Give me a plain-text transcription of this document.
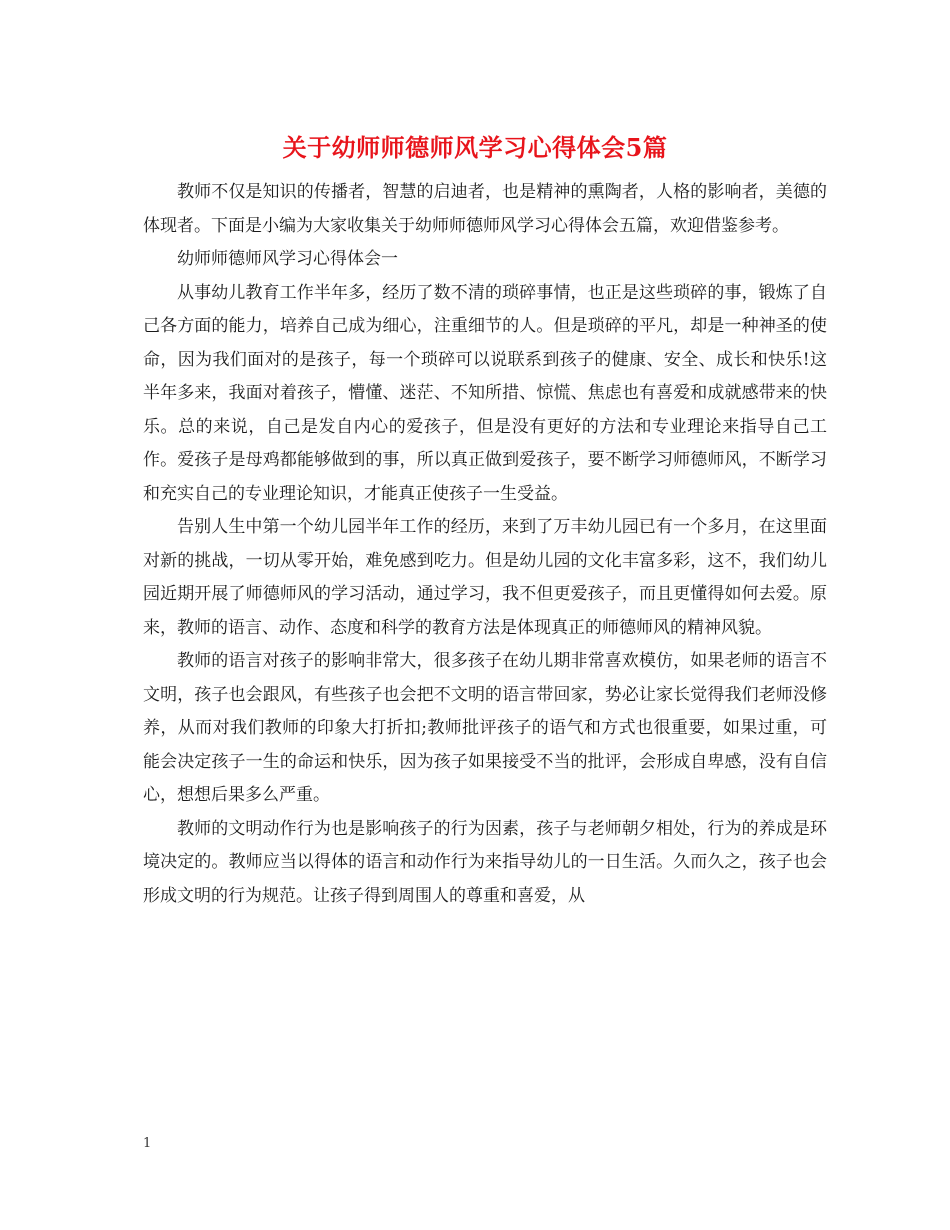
关于幼师师德师风学习心得体会5篇

教师不仅是知识的传播者，智慧的启迪者，也是精神的熏陶者，人格的影响者，美德的体现者。下面是小编为大家收集关于幼师师德师风学习心得体会五篇，欢迎借鉴参考。

幼师师德师风学习心得体会一

从事幼儿教育工作半年多，经历了数不清的琐碎事情，也正是这些琐碎的事，锻炼了自己各方面的能力，培养自己成为细心，注重细节的人。但是琐碎的平凡，却是一种神圣的使命，因为我们面对的是孩子，每一个琐碎可以说联系到孩子的健康、安全、成长和快乐!这半年多来，我面对着孩子，懵懂、迷茫、不知所措、惊慌、焦虑也有喜爱和成就感带来的快乐。总的来说，自己是发自内心的爱孩子，但是没有更好的方法和专业理论来指导自己工作。爱孩子是母鸡都能够做到的事，所以真正做到爱孩子，要不断学习师德师风，不断学习和充实自己的专业理论知识，才能真正使孩子一生受益。

告别人生中第一个幼儿园半年工作的经历，来到了万丰幼儿园已有一个多月，在这里面对新的挑战，一切从零开始，难免感到吃力。但是幼儿园的文化丰富多彩，这不，我们幼儿园近期开展了师德师风的学习活动，通过学习，我不但更爱孩子，而且更懂得如何去爱。原来，教师的语言、动作、态度和科学的教育方法是体现真正的师德师风的精神风貌。

教师的语言对孩子的影响非常大，很多孩子在幼儿期非常喜欢模仿，如果老师的语言不文明，孩子也会跟风，有些孩子也会把不文明的语言带回家，势必让家长觉得我们老师没修养，从而对我们教师的印象大打折扣;教师批评孩子的语气和方式也很重要，如果过重，可能会决定孩子一生的命运和快乐，因为孩子如果接受不当的批评，会形成自卑感，没有自信心，想想后果多么严重。

教师的文明动作行为也是影响孩子的行为因素，孩子与老师朝夕相处，行为的养成是环境决定的。教师应当以得体的语言和动作行为来指导幼儿的一日生活。久而久之，孩子也会形成文明的行为规范。让孩子得到周围人的尊重和喜爱，从

1
